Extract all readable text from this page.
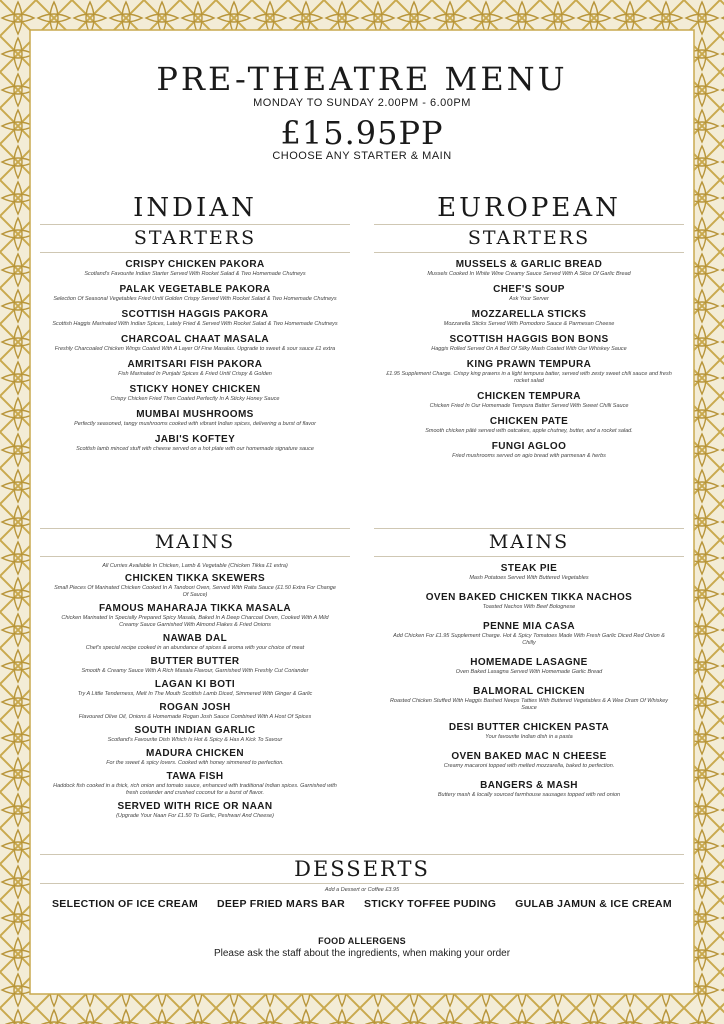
PRE-THEATRE MENU
MONDAY TO SUNDAY 2.00PM - 6.00PM
£15.95PP
CHOOSE ANY STARTER & MAIN
INDIAN
STARTERS
CRISPY CHICKEN PAKORA
Scotland's Favourite Indian Starter Served With Rocket Salad & Two Homemade Chutneys
PALAK VEGETABLE PAKORA
Selection Of Seasonal Vegetables Fried Until Golden Crispy Served With Rocket Salad & Two Homemade Chutneys
SCOTTISH HAGGIS PAKORA
Scottish Haggis Marinated With Indian Spices, Lately Fried & Served With Rocket Salad & Two Homemade Chutneys
CHARCOAL CHAAT MASALA
Freshly Charcoaled Chicken Wings Coated With A Layer Of Fine Masalas. Upgrade to sweet & sour sauce £1 extra
AMRITSARI FISH PAKORA
Fish Marinated In Punjabi Spices & Fried Until Crispy & Golden
STICKY HONEY CHICKEN
Crispy Chicken Fried Then Coated Perfectly In A Sticky Honey Sauce
MUMBAI MUSHROOMS
Perfectly seasoned, tangy mushrooms cooked with vibrant Indian spices, delivering a burst of flavor
JABI'S KOFTEY
Scottish lamb minced stuff with cheese served on a hot plate with our homemade signature sauce
EUROPEAN
STARTERS
MUSSELS & GARLIC BREAD
Mussels Cooked In White Wine Creamy Sauce Served With A Slice Of Garlic Bread
CHEF'S SOUP
Ask Your Server
MOZZARELLA STICKS
Mozzarella Sticks Served With Pomodoro Sauce & Parmesan Cheese
SCOTTISH HAGGIS BON BONS
Haggis Rolled Served On A Bed Of Silky Mash Coated With Our Whiskey Sauce
KING PRAWN TEMPURA
£1.95 Supplement Charge. Crispy king prawns in a light tempura batter, served with zesty sweet chili sauce and fresh rocket salad
CHICKEN TEMPURA
Chicken Fried In Our Homemade Tempura Batter Served With Sweet Chilli Sauce
CHICKEN PATE
Smooth chicken pâté served with oatcakes, apple chutney, butter, and a rocket salad.
FUNGI AGLOO
Fried mushrooms served on agio bread with parmesan & herbs
MAINS
All Curries Available In Chicken, Lamb & Vegetable (Chicken Tikka £1 extra)
CHICKEN TIKKA SKEWERS
Small Pieces Of Marinated Chicken Cooked In A Tandoori Oven, Served With Raita Sauce (£1.50 Extra For Change Of Sauce)
FAMOUS MAHARAJA TIKKA MASALA
Chicken Marinated In Specially Prepared Spicy Masala, Baked In A Deep Charcoal Oven, Cooked With A Mild Creamy Sauce Garnished With Almond Flakes & Fried Onions
NAWAB DAL
Chef's special recipe cooked in an abundance of spices & aroma with your choice of meat
BUTTER BUTTER
Smooth & Creamy Sauce With A Rich Masala Flavour, Garnished With Freshly Cut Coriander
LAGAN KI BOTI
Try A Little Tenderness, Melt In The Mouth Scottish Lamb Diced, Simmered With Ginger & Garlic
ROGAN JOSH
Flavoured Olive Oil, Onions & Homemade Rogan Josh Sauce Combined With A Host Of Spices
SOUTH INDIAN GARLIC
Scotland's Favourite Dish Which Is Hot & Spicy & Has A Kick To Savour
MADURA CHICKEN
For the sweet & spicy lovers. Cooked with honey simmered to perfection.
TAWA FISH
Haddock fish cooked in a thick, rich onion and tomato sauce, enhanced with traditional Indian spices. Garnished with fresh coriander and crushed coconut for a burst of flavor.
SERVED WITH RICE OR NAAN
(Upgrade Your Naan For £1.50 To Garlic, Peshwari And Cheese)
MAINS
STEAK PIE
Mash Potatoes Served With Buttered Vegetables
OVEN BAKED CHICKEN TIKKA NACHOS
Toasted Nachos With Beef Bolognese
PENNE MIA CASA
Add Chicken For £1.95 Supplement Charge. Hot & Spicy Tomatoes Made With Fresh Garlic Diced Red Onion & Chilly
HOMEMADE LASAGNE
Oven Baked Lasagna Served With Homemade Garlic Bread
BALMORAL CHICKEN
Roasted Chicken Stuffed With Haggis Bashed Neeps Tatties With Buttered Vegetables & A Wee Dram Of Whiskey Sauce
DESI BUTTER CHICKEN PASTA
Your favourite Indian dish in a pasta
OVEN BAKED MAC N CHEESE
Creamy macaroni topped with melted mozzarella, baked to perfection.
BANGERS & MASH
Buttery mash & locally sourced farmhouse sausages topped with red onion
DESSERTS
Add a Dessert or Coffee £3.95
SELECTION OF ICE CREAM DEEP FRIED MARS BAR STICKY TOFFEE PUDING GULAB JAMUN & ICE CREAM
FOOD ALLERGENS
Please ask the staff about the ingredients, when making your order
